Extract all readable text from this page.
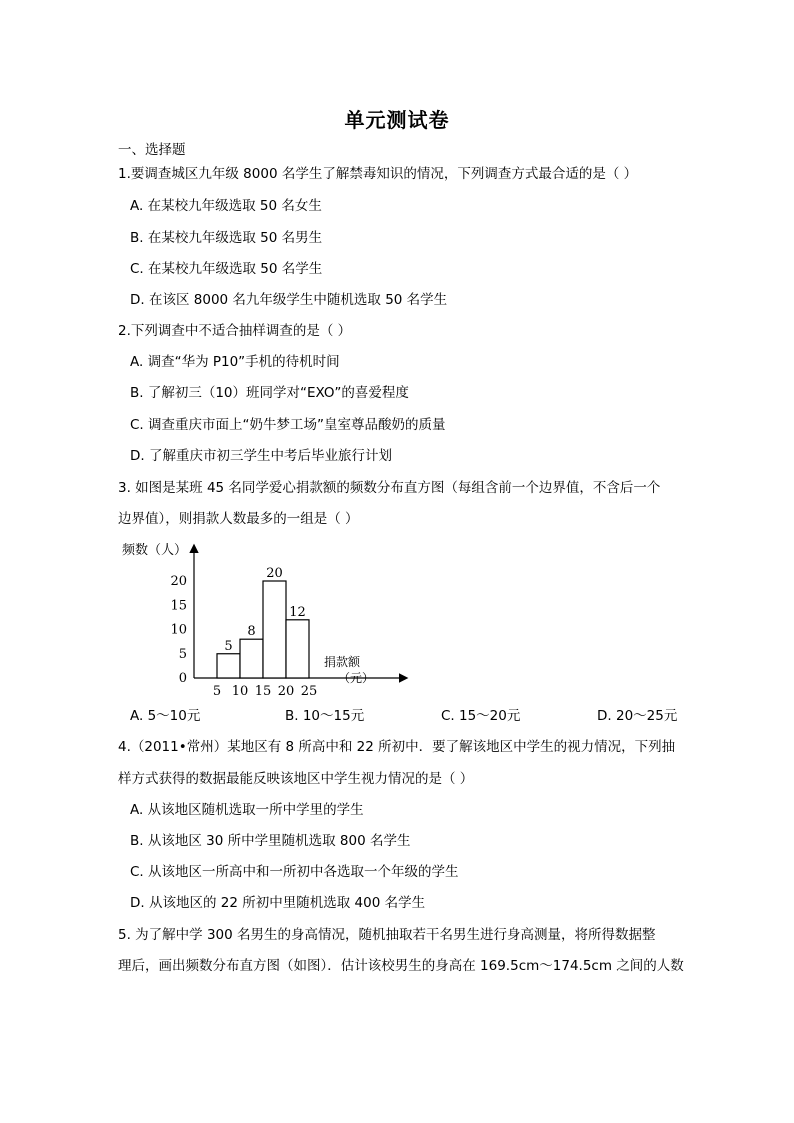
单元测试卷
一、选择题
1.要调查城区九年级 8000 名学生了解禁毒知识的情况，下列调查方式最合适的是（ ）
A. 在某校九年级选取 50 名女生
B. 在某校九年级选取 50 名男生
C. 在某校九年级选取 50 名学生
D. 在该区 8000 名九年级学生中随机选取 50 名学生
2.下列调查中不适合抽样调查的是（ ）
A. 调查“华为 P10”手机的待机时间
B. 了解初三（10）班同学对“EXO”的喜爱程度
C. 调查重庆市面上“奶牛梦工场”皇室尊品酸奶的质量
D. 了解重庆市初三学生中考后毕业旅行计划
3. 如图是某班 45 名同学爱心捐款额的频数分布直方图（每组含前一个边界值，不含后一个
边界值），则捐款人数最多的一组是（ ）
频数（人）
0
5
10
15
20
5
8
20
12
5 10 15 20 25
捐款额
（元）
A. 5～10元	B. 10～15元	C. 15～20元	D. 20～25元
4.（2011•常州）某地区有 8 所高中和 22 所初中．要了解该地区中学生的视力情况，下列抽
样方式获得的数据最能反映该地区中学生视力情况的是（ ）
A. 从该地区随机选取一所中学里的学生
B. 从该地区 30 所中学里随机选取 800 名学生
C. 从该地区一所高中和一所初中各选取一个年级的学生
D. 从该地区的 22 所初中里随机选取 400 名学生
5. 为了解中学 300 名男生的身高情况，随机抽取若干名男生进行身高测量，将所得数据整
理后，画出频数分布直方图（如图）．估计该校男生的身高在 169.5cm～174.5cm 之间的人数
